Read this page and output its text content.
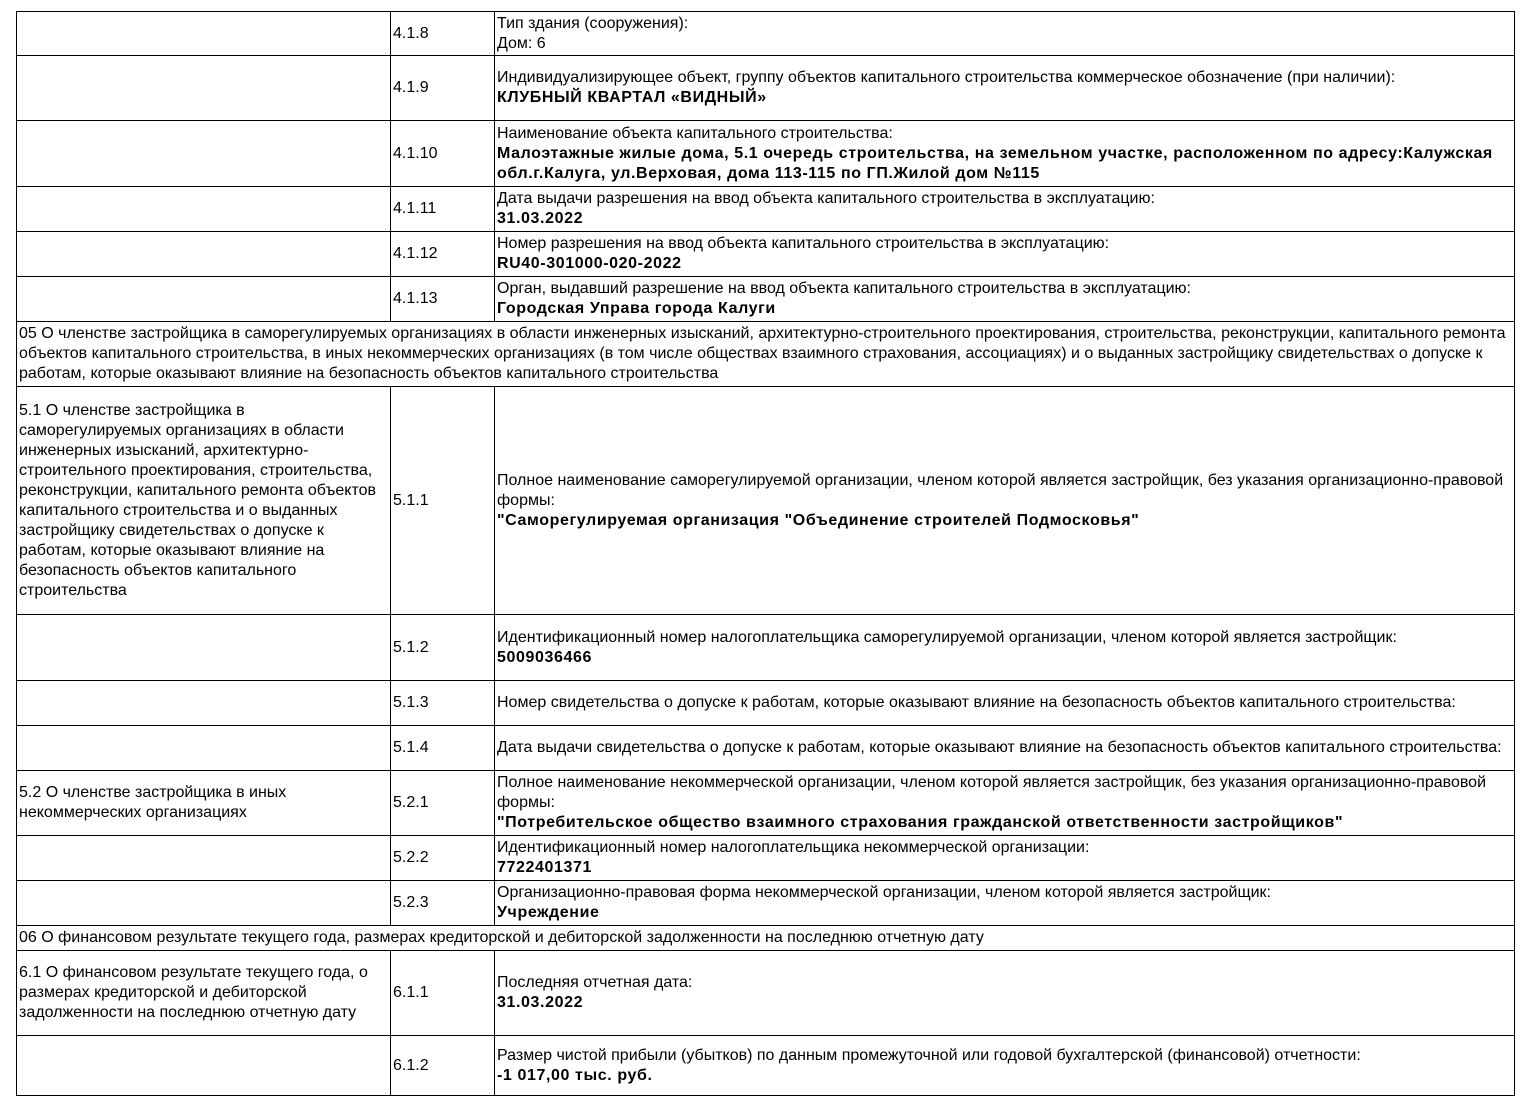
	4.1.8	Тип здания (сооружения):
Дом: 6

	4.1.9	Индивидуализирующее объект, группу объектов капитального строительства коммерческое обозначение (при наличии):
КЛУБНЫЙ КВАРТАЛ «ВИДНЫЙ»

	4.1.10	Наименование объекта капитального строительства:
Малоэтажные жилые дома, 5.1 очередь строительства, на земельном участке, расположенном по адресу:Калужская обл.г.Калуга, ул.Верховая, дома 113-115 по ГП.Жилой дом №115

	4.1.11	Дата выдачи разрешения на ввод объекта капитального строительства в эксплуатацию:
31.03.2022

	4.1.12	Номер разрешения на ввод объекта капитального строительства в эксплуатацию:
RU40-301000-020-2022

	4.1.13	Орган, выдавший разрешение на ввод объекта капитального строительства в эксплуатацию:
Городская Управа города Калуги

05 О членстве застройщика в саморегулируемых организациях в области инженерных изысканий, архитектурно-строительного проектирования, строительства, реконструкции, капитального ремонта объектов капитального строительства, в иных некоммерческих организациях (в том числе обществах взаимного страхования, ассоциациях) и о выданных застройщику свидетельствах о допуске к работам, которые оказывают влияние на безопасность объектов капитального строительства		
5.1 О членстве застройщика в саморегулируемых организациях в области инженерных изысканий, архитектурно-строительного проектирования, строительства, реконструкции, капитального ремонта объектов капитального строительства и о выданных застройщику свидетельствах о допуске к работам, которые оказывают влияние на безопасность объектов капитального строительства	5.1.1	Полное наименование саморегулируемой организации, членом которой является застройщик, без указания организационно-правовой формы:
"Саморегулируемая организация "Объединение строителей Подмосковья"

	5.1.2	Идентификационный номер налогоплательщика саморегулируемой организации, членом которой является застройщик:
5009036466

	5.1.3	Номер свидетельства о допуске к работам, которые оказывают влияние на безопасность объектов капитального строительства:

	5.1.4	Дата выдачи свидетельства о допуске к работам, которые оказывают влияние на безопасность объектов капитального строительства:

5.2 О членстве застройщика в иных некоммерческих организациях	5.2.1	Полное наименование некоммерческой организации, членом которой является застройщик, без указания организационно-правовой формы:
"Потребительское общество взаимного страхования гражданской ответственности застройщиков"

	5.2.2	Идентификационный номер налогоплательщика некоммерческой организации:
7722401371

	5.2.3	Организационно-правовая форма некоммерческой организации, членом которой является застройщик:
Учреждение

06 О финансовом результате текущего года, размерах кредиторской и дебиторской задолженности на последнюю отчетную дату		
6.1 О финансовом результате текущего года, о размерах кредиторской и дебиторской задолженности на последнюю отчетную дату	6.1.1	Последняя отчетная дата:
31.03.2022

	6.1.2	Размер чистой прибыли (убытков) по данным промежуточной или годовой бухгалтерской (финансовой) отчетности:
-1 017,00 тыс. руб.
